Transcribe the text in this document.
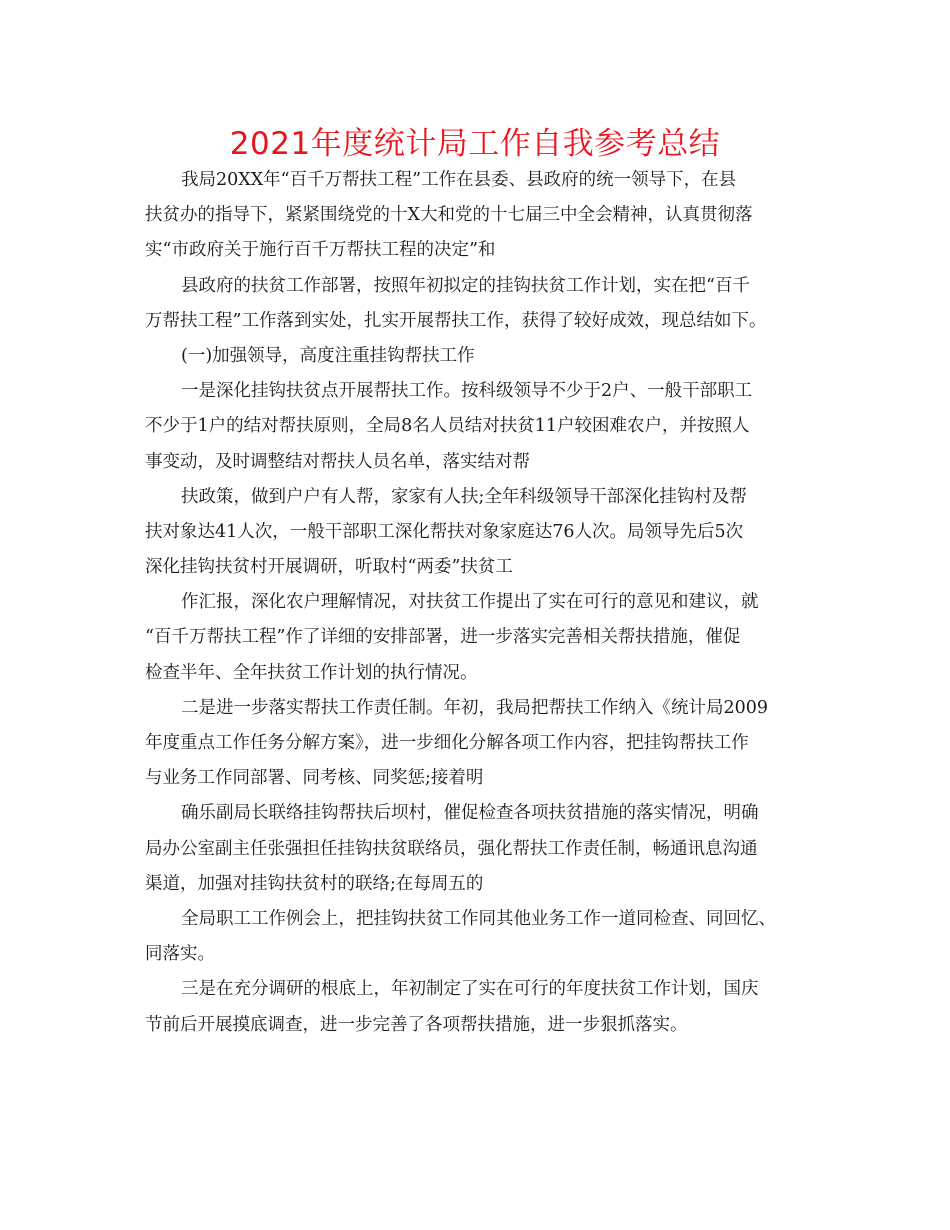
2021年度统计局工作自我参考总结
我局20XX年“百千万帮扶工程”工作在县委、县政府的统一领导下，在县
扶贫办的指导下，紧紧围绕党的十X大和党的十七届三中全会精神，认真贯彻落
实“市政府关于施行百千万帮扶工程的决定”和
县政府的扶贫工作部署，按照年初拟定的挂钩扶贫工作计划，实在把“百千
万帮扶工程”工作落到实处，扎实开展帮扶工作，获得了较好成效，现总结如下。
(一)加强领导，高度注重挂钩帮扶工作
一是深化挂钩扶贫点开展帮扶工作。按科级领导不少于2户、一般干部职工
不少于1户的结对帮扶原则，全局8名人员结对扶贫11户较困难农户，并按照人
事变动，及时调整结对帮扶人员名单，落实结对帮
扶政策，做到户户有人帮，家家有人扶;全年科级领导干部深化挂钩村及帮
扶对象达41人次，一般干部职工深化帮扶对象家庭达76人次。局领导先后5次
深化挂钩扶贫村开展调研，听取村“两委”扶贫工
作汇报，深化农户理解情况，对扶贫工作提出了实在可行的意见和建议，就
“百千万帮扶工程”作了详细的安排部署，进一步落实完善相关帮扶措施，催促
检查半年、全年扶贫工作计划的执行情况。
二是进一步落实帮扶工作责任制。年初，我局把帮扶工作纳入《统计局2009
年度重点工作任务分解方案》，进一步细化分解各项工作内容，把挂钩帮扶工作
与业务工作同部署、同考核、同奖惩;接着明
确乐副局长联络挂钩帮扶后坝村，催促检查各项扶贫措施的落实情况，明确
局办公室副主任张强担任挂钩扶贫联络员，强化帮扶工作责任制，畅通讯息沟通
渠道，加强对挂钩扶贫村的联络;在每周五的
全局职工工作例会上，把挂钩扶贫工作同其他业务工作一道同检查、同回忆、
同落实。
三是在充分调研的根底上，年初制定了实在可行的年度扶贫工作计划，国庆
节前后开展摸底调查，进一步完善了各项帮扶措施，进一步狠抓落实。
